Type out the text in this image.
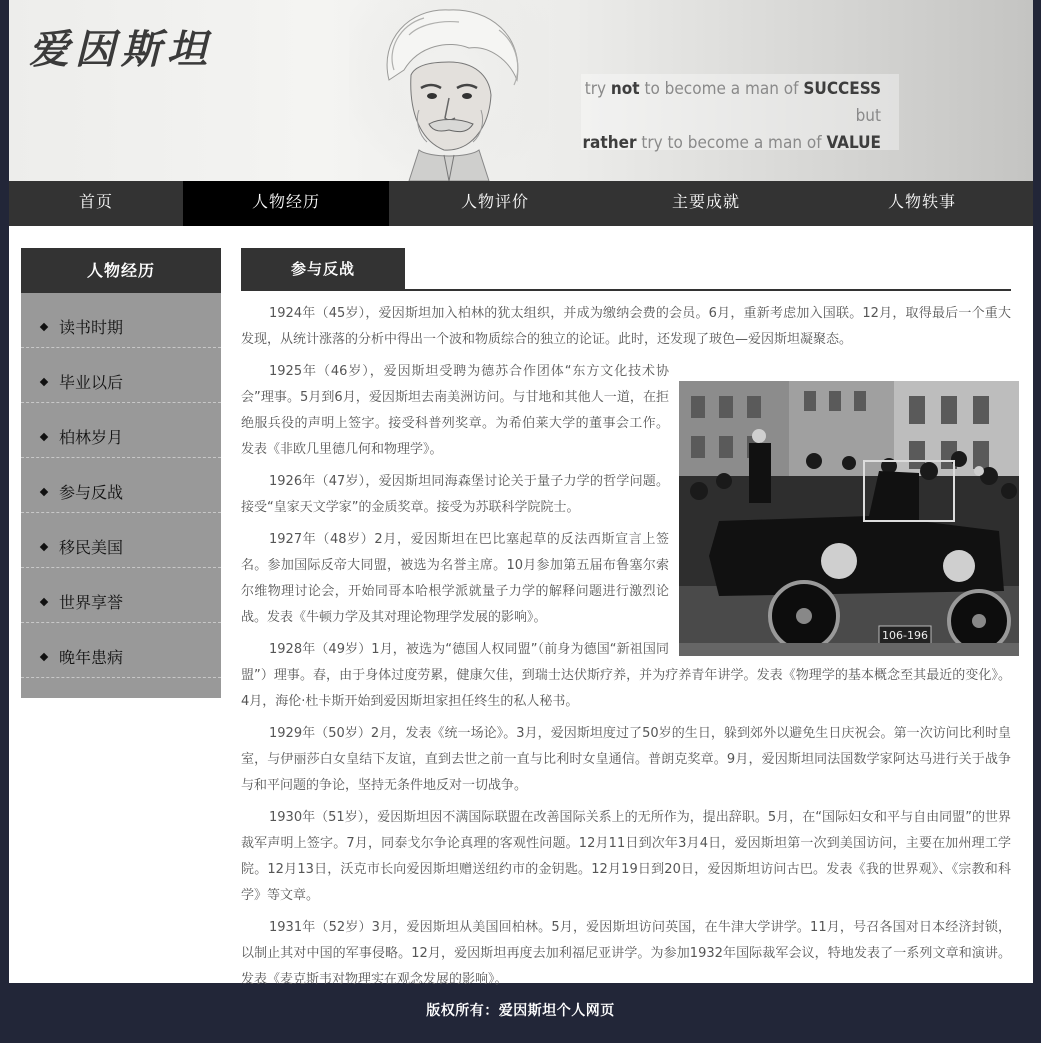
爱因斯坦
try not to become a man of SUCCESS but
rather try to become a man of VALUE
首页	人物经历	人物评价	主要成就	人物轶事
人物经历
读书时期
毕业以后
柏林岁月
参与反战
移民美国
世界享誉
晚年患病
参与反战

1924年（45岁），爱因斯坦加入柏林的犹太组织，并成为缴纳会费的会员。6月，重新考虑加入国联。12月，取得最后一个重大发现，从统计涨落的分析中得出一个波和物质综合的独立的论证。此时，还发现了玻色—爱因斯坦凝聚态。

106-196
1925年（46岁），爱因斯坦受聘为德苏合作团体“东方文化技术协会”理事。5月到6月，爱因斯坦去南美洲访问。与甘地和其他人一道，在拒绝服兵役的声明上签字。接受科普列奖章。为希伯莱大学的董事会工作。发表《非欧几里德几何和物理学》。

1926年（47岁），爱因斯坦同海森堡讨论关于量子力学的哲学问题。接受“皇家天文学家”的金质奖章。接受为苏联科学院院士。

1927年（48岁）2月，爱因斯坦在巴比塞起草的反法西斯宣言上签名。参加国际反帝大同盟，被选为名誉主席。10月参加第五届布鲁塞尔索尔维物理讨论会，开始同哥本哈根学派就量子力学的解释问题进行激烈论战。发表《牛顿力学及其对理论物理学发展的影响》。

1928年（49岁）1月，被选为“德国人权同盟”（前身为德国“新祖国同盟”）理事。春，由于身体过度劳累，健康欠佳，到瑞士达伏斯疗养，并为疗养青年讲学。发表《物理学的基本概念至其最近的变化》。4月，海伦·杜卡斯开始到爱因斯坦家担任终生的私人秘书。

1929年（50岁）2月，发表《统一场论》。3月，爱因斯坦度过了50岁的生日，躲到郊外以避免生日庆祝会。第一次访问比利时皇室，与伊丽莎白女皇结下友谊，直到去世之前一直与比利时女皇通信。普朗克奖章。9月，爱因斯坦同法国数学家阿达马进行关于战争与和平问题的争论，坚持无条件地反对一切战争。

1930年（51岁），爱因斯坦因不满国际联盟在改善国际关系上的无所作为，提出辞职。5月，在“国际妇女和平与自由同盟”的世界裁军声明上签字。7月，同泰戈尔争论真理的客观性问题。12月11日到次年3月4日，爱因斯坦第一次到美国访问，主要在加州理工学院。12月13日，沃克市长向爱因斯坦赠送纽约市的金钥匙。12月19日到20日，爱因斯坦访问古巴。发表《我的世界观》、《宗教和科学》等文章。

1931年（52岁）3月，爱因斯坦从美国回柏林。5月，爱因斯坦访问英国，在牛津大学讲学。11月，号召各国对日本经济封锁，以制止其对中国的军事侵略。12月，爱因斯坦再度去加利福尼亚讲学。为参加1932年国际裁军会议，特地发表了一系列文章和演讲。发表《麦克斯韦对物理实在观念发展的影响》。

版权所有：爱因斯坦个人网页
